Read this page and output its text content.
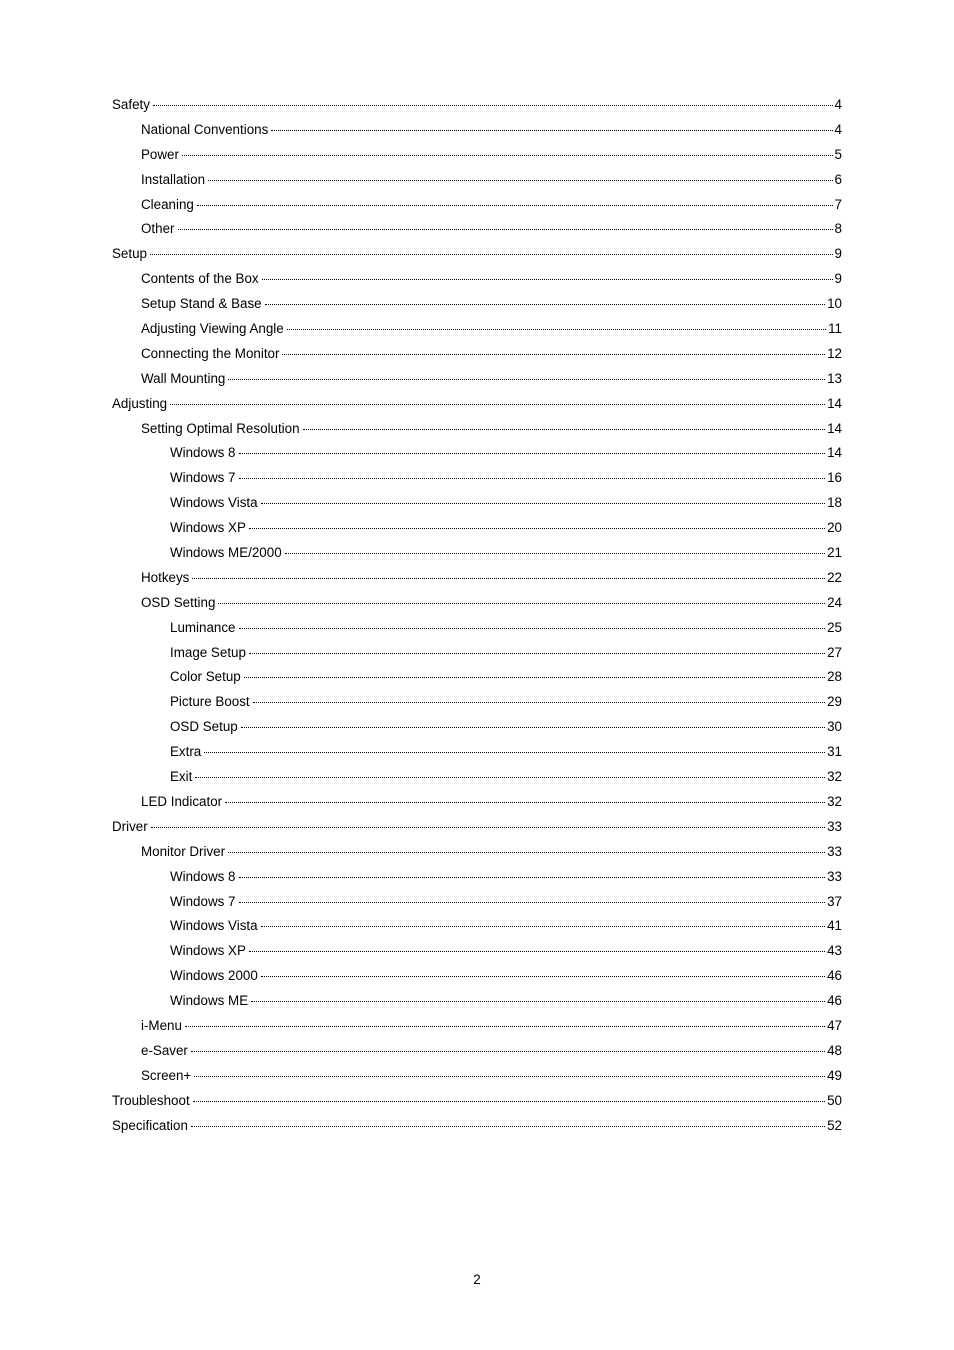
Safety	4
National Conventions	4
Power	5
Installation	6
Cleaning	7
Other	8
Setup	9
Contents of the Box	9
Setup Stand & Base	10
Adjusting Viewing Angle	11
Connecting the Monitor	12
Wall Mounting	13
Adjusting	14
Setting Optimal Resolution	14
Windows 8	14
Windows 7	16
Windows Vista	18
Windows XP	20
Windows ME/2000	21
Hotkeys	22
OSD Setting	24
Luminance	25
Image Setup	27
Color Setup	28
Picture Boost	29
OSD Setup	30
Extra	31
Exit	32
LED Indicator	32
Driver	33
Monitor Driver	33
Windows 8	33
Windows 7	37
Windows Vista	41
Windows XP	43
Windows 2000	46
Windows ME	46
i-Menu	47
e-Saver	48
Screen+	49
Troubleshoot	50
Specification	52
2
